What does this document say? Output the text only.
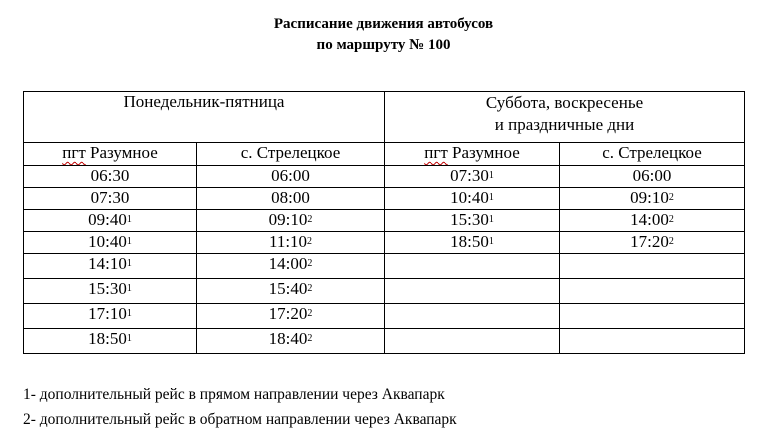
Расписание движения автобусов
по маршруту № 100
Понедельник-пятница		Суббота, воскресенье
и праздничные дни	

пгт Разумное	с. Стрелецкое	пгт Разумное	с. Стрелецкое
06:30	06:00	$07:30^1$	06:00
07:30	08:00	$10:40^1$	$09:10^2$
$09:40^1$	$09:10^2$	$15:30^1$	$14:00^2$
$10:40^1$	$11:10^2$	$18:50^1$	$17:20^2$
$14:10^1$	$14:00^2$		
$15:30^1$	$15:40^2$		
$17:10^1$	$17:20^2$		
$18:50^1$	$18:40^2$		
1- дополнительный рейс в прямом направлении через Аквапарк
2- дополнительный рейс в обратном направлении через Аквапарк
